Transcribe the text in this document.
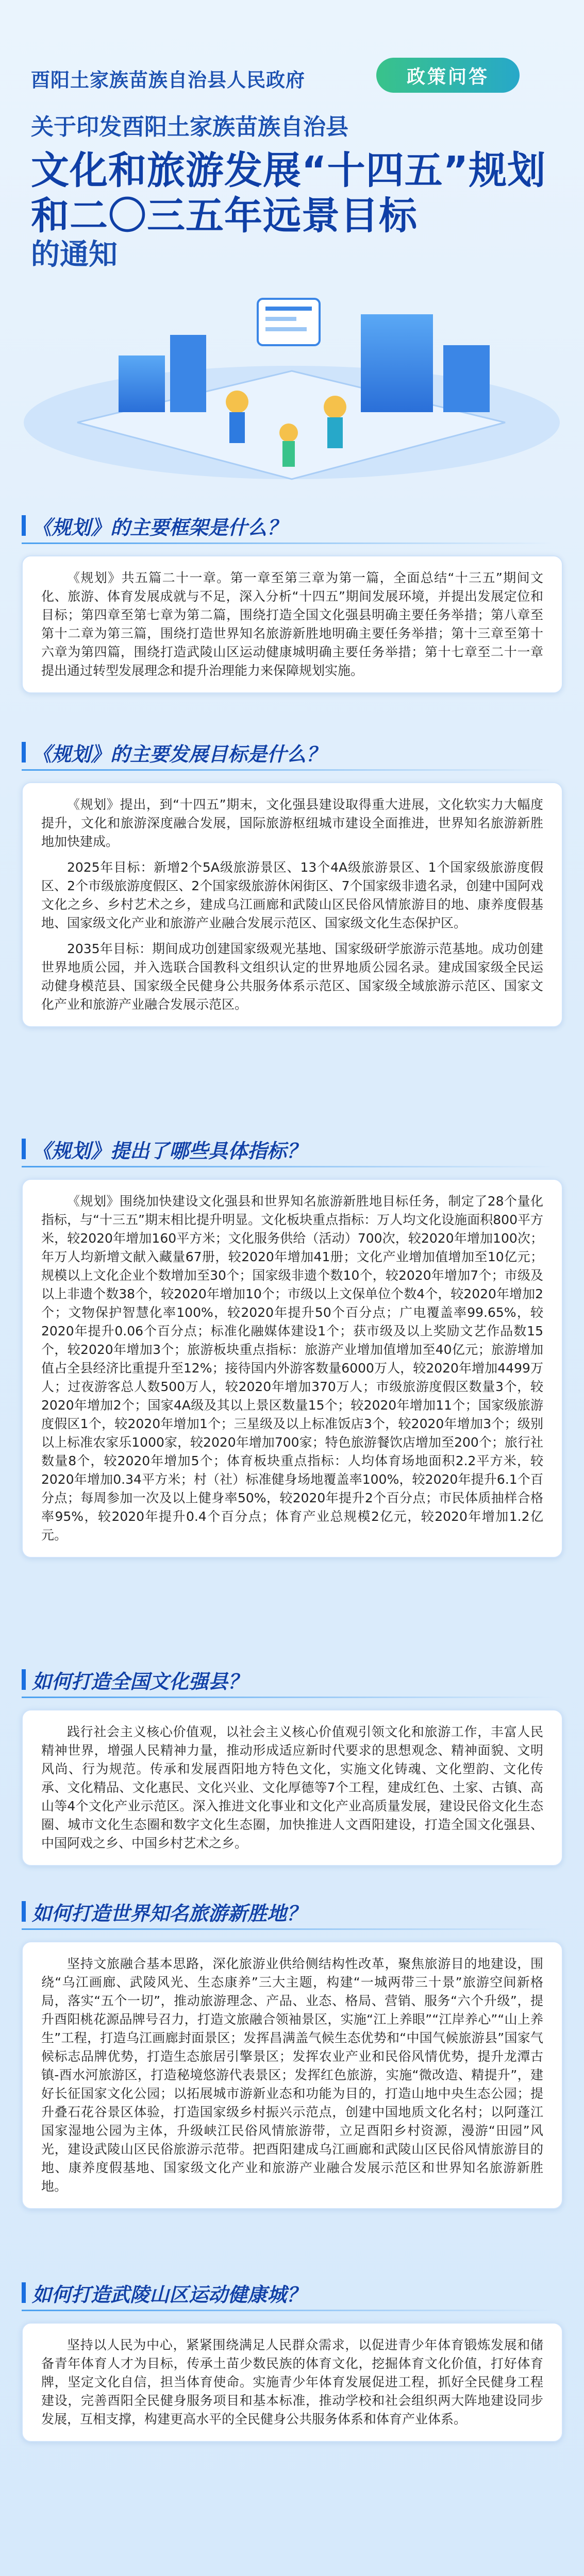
酉阳土家族苗族自治县人民政府	政策问答
关于印发酉阳土家族苗族自治县
文化和旅游发展“十四五”规划
和二〇三五年远景目标
的通知
《规划》的主要框架是什么？

《规划》共五篇二十一章。第一章至第三章为第一篇，全面总结“十三五”期间文化、旅游、体育发展成就与不足，深入分析“十四五”期间发展环境，并提出发展定位和目标；第四章至第七章为第二篇，围绕打造全国文化强县明确主要任务举措；第八章至第十二章为第三篇，围绕打造世界知名旅游新胜地明确主要任务举措；第十三章至第十六章为第四篇，围绕打造武陵山区运动健康城明确主要任务举措；第十七章至二十一章提出通过转型发展理念和提升治理能力来保障规划实施。

《规划》的主要发展目标是什么？

《规划》提出，到“十四五”期末，文化强县建设取得重大进展，文化软实力大幅度提升，文化和旅游深度融合发展，国际旅游枢纽城市建设全面推进，世界知名旅游新胜地加快建成。

2025年目标：新增2个5A级旅游景区、13个4A级旅游景区、1个国家级旅游度假区、2个市级旅游度假区、2个国家级旅游休闲街区、7个国家级非遗名录，创建中国阿戏文化之乡、乡村艺术之乡，建成乌江画廊和武陵山区民俗风情旅游目的地、康养度假基地、国家级文化产业和旅游产业融合发展示范区、国家级文化生态保护区。

2035年目标：期间成功创建国家级观光基地、国家级研学旅游示范基地。成功创建世界地质公园，并入选联合国教科文组织认定的世界地质公园名录。建成国家级全民运动健身模范县、国家级全民健身公共服务体系示范区、国家级全域旅游示范区、国家文化产业和旅游产业融合发展示范区。

《规划》提出了哪些具体指标？

《规划》围绕加快建设文化强县和世界知名旅游新胜地目标任务，制定了28个量化指标，与“十三五”期末相比提升明显。文化板块重点指标：万人均文化设施面积800平方米，较2020年增加160平方米；文化服务供给（活动）700次，较2020年增加100次；年万人均新增文献入藏量67册，较2020年增加41册；文化产业增加值增加至10亿元；规模以上文化企业个数增加至30个；国家级非遗个数10个，较2020年增加7个；市级及以上非遗个数38个，较2020年增加10个；市级以上文保单位个数4个，较2020年增加2个；文物保护智慧化率100%，较2020年提升50个百分点；广电覆盖率99.65%，较2020年提升0.06个百分点；标准化融媒体建设1个；获市级及以上奖励文艺作品数15个，较2020年增加3个；旅游板块重点指标：旅游产业增加值增加至40亿元；旅游增加值占全县经济比重提升至12%；接待国内外游客数量6000万人，较2020年增加4499万人；过夜游客总人数500万人，较2020年增加370万人；市级旅游度假区数量3个，较2020年增加2个；国家4A级及其以上景区数量15个；较2020年增加11个；国家级旅游度假区1个，较2020年增加1个；三星级及以上标准饭店3个，较2020年增加3个；级别以上标准农家乐1000家，较2020年增加700家；特色旅游餐饮店增加至200个；旅行社数量8个，较2020年增加5个；体育板块重点指标：人均体育场地面积2.2平方米，较2020年增加0.34平方米；村（社）标准健身场地覆盖率100%，较2020年提升6.1个百分点；每周参加一次及以上健身率50%，较2020年提升2个百分点；市民体质抽样合格率95%，较2020年提升0.4个百分点；体育产业总规模2亿元，较2020年增加1.2亿元。

如何打造全国文化强县？

践行社会主义核心价值观，以社会主义核心价值观引领文化和旅游工作，丰富人民精神世界，增强人民精神力量，推动形成适应新时代要求的思想观念、精神面貌、文明风尚、行为规范。传承和发展酉阳地方特色文化，实施文化铸魂、文化塑韵、文化传承、文化精品、文化惠民、文化兴业、文化厚德等7个工程，建成红色、土家、古镇、高山等4个文化产业示范区。深入推进文化事业和文化产业高质量发展，建设民俗文化生态圈、城市文化生态圈和数字文化生态圈，加快推进人文酉阳建设，打造全国文化强县、中国阿戏之乡、中国乡村艺术之乡。

如何打造世界知名旅游新胜地？

坚持文旅融合基本思路，深化旅游业供给侧结构性改革，聚焦旅游目的地建设，围绕“乌江画廊、武陵风光、生态康养”三大主题，构建“一城两带三十景”旅游空间新格局，落实“五个一切”，推动旅游理念、产品、业态、格局、营销、服务“六个升级”，提升酉阳桃花源品牌号召力，打造文旅融合领袖景区，实施“江上养眼”“江岸养心”“山上养生”工程，打造乌江画廊封面景区；发挥昌满盖气候生态优势和“中国气候旅游县”国家气候标志品牌优势，打造生态旅居引擎景区；发挥农业产业和民俗风情优势，提升龙潭古镇-酉水河旅游区，打造秘境悠游代表景区；发挥红色旅游，实施“微改造、精提升”，建好长征国家文化公园；以拓展城市游新业态和功能为目的，打造山地中央生态公园；提升叠石花谷景区体验，打造国家级乡村振兴示范点，创建中国地质文化名村；以阿蓬江国家湿地公园为主体，升级峡江民俗风情旅游带，立足酉阳乡村资源，漫游“田园”风光，建设武陵山区民俗旅游示范带。把酉阳建成乌江画廊和武陵山区民俗风情旅游目的地、康养度假基地、国家级文化产业和旅游产业融合发展示范区和世界知名旅游新胜地。

如何打造武陵山区运动健康城？

坚持以人民为中心，紧紧围绕满足人民群众需求，以促进青少年体育锻炼发展和储备青年体育人才为目标，传承土苗少数民族的体育文化，挖掘体育文化价值，打好体育牌，坚定文化自信，担当体育使命。实施青少年体育发展促进工程，抓好全民健身工程建设，完善酉阳全民健身服务项目和基本标准，推动学校和社会组织两大阵地建设同步发展，互相支撑，构建更高水平的全民健身公共服务体系和体育产业体系。
